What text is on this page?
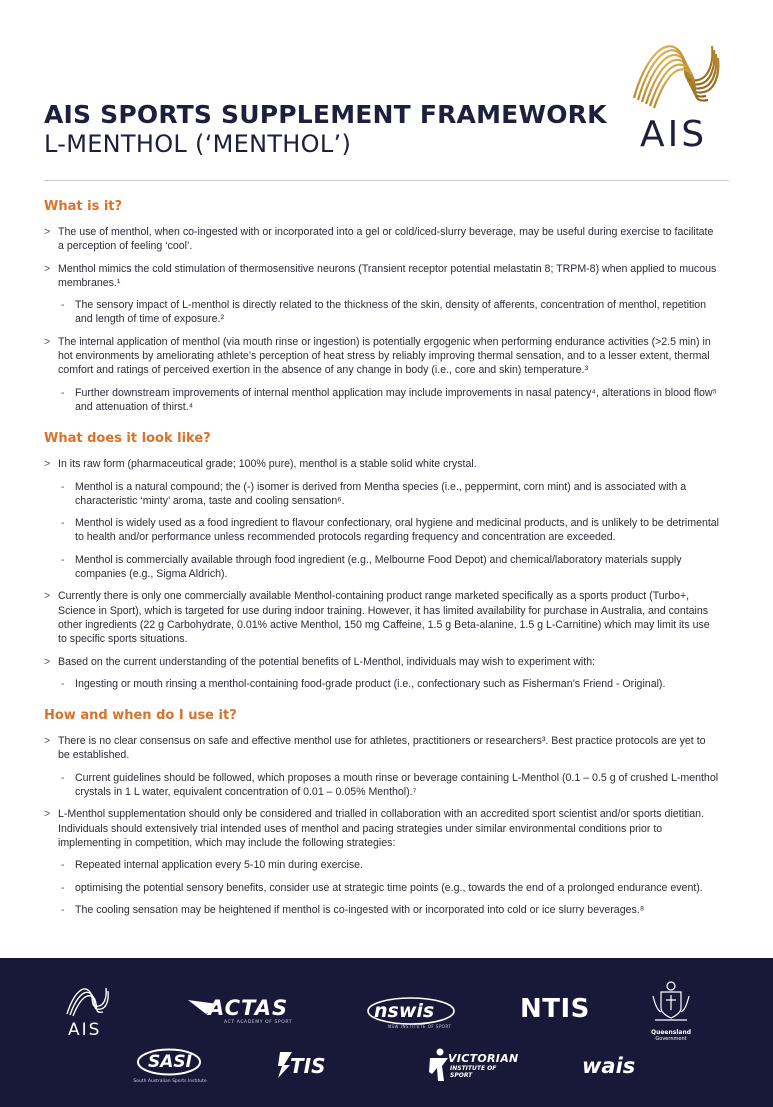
AIS SPORTS SUPPLEMENT FRAMEWORK
L-MENTHOL (‘MENTHOL’)	AIS
What is it?
> The use of menthol, when co-ingested with or incorporated into a gel or cold/iced-slurry beverage, may be useful during exercise to facilitate a perception of feeling ‘cool’.
> Menthol mimics the cold stimulation of thermosensitive neurons (Transient receptor potential melastatin 8; TRPM-8) when applied to mucous membranes.¹
- The sensory impact of L-menthol is directly related to the thickness of the skin, density of afferents, concentration of menthol, repetition and length of time of exposure.²
> The internal application of menthol (via mouth rinse or ingestion) is potentially ergogenic when performing endurance activities (>2.5 min) in hot environments by ameliorating athlete’s perception of heat stress by reliably improving thermal sensation, and to a lesser extent, thermal comfort and ratings of perceived exertion in the absence of any change in body (i.e., core and skin) temperature.³
- Further downstream improvements of internal menthol application may include improvements in nasal patency⁴, alterations in blood flow⁵ and attenuation of thirst.⁴
What does it look like?
> In its raw form (pharmaceutical grade; 100% pure), menthol is a stable solid white crystal.
- Menthol is a natural compound; the (-) isomer is derived from Mentha species (i.e., peppermint, corn mint) and is associated with a characteristic ‘minty’ aroma, taste and cooling sensation⁶.
- Menthol is widely used as a food ingredient to flavour confectionary, oral hygiene and medicinal products, and is unlikely to be detrimental to health and/or performance unless recommended protocols regarding frequency and concentration are exceeded.
- Menthol is commercially available through food ingredient (e.g., Melbourne Food Depot) and chemical/laboratory materials supply companies (e.g., Sigma Aldrich).
> Currently there is only one commercially available Menthol-containing product range marketed specifically as a sports product (Turbo+, Science in Sport), which is targeted for use during indoor training. However, it has limited availability for purchase in Australia, and contains other ingredients (22 g Carbohydrate, 0.01% active Menthol, 150 mg Caffeine, 1.5 g Beta-alanine, 1.5 g L-Carnitine) which may limit its use to specific sports situations.
> Based on the current understanding of the potential benefits of L-Menthol, individuals may wish to experiment with:
- Ingesting or mouth rinsing a menthol-containing food-grade product (i.e., confectionary such as Fisherman’s Friend - Original).
How and when do I use it?
> There is no clear consensus on safe and effective menthol use for athletes, practitioners or researchers³. Best practice protocols are yet to be established.
- Current guidelines should be followed, which proposes a mouth rinse or beverage containing L-Menthol (0.1 – 0.5 g of crushed L-menthol crystals in 1 L water, equivalent concentration of 0.01 – 0.05% Menthol).⁷
> L-Menthol supplementation should only be considered and trialled in collaboration with an accredited sport scientist and/or sports dietitian. Individuals should extensively trial intended uses of menthol and pacing strategies under similar environmental conditions prior to implementing in competition, which may include the following strategies:
- Repeated internal application every 5-10 min during exercise.
- optimising the potential sensory benefits, consider use at strategic time points (e.g., towards the end of a prolonged endurance event).
- The cooling sensation may be heightened if menthol is co-ingested with or incorporated into cold or ice slurry beverages.⁸
AIS
ACTAS
ACT ACADEMY OF SPORT
nswis
NSW INSTITUTE OF SPORT
NTIS
Queensland
Government
SASI
South Australian Sports Institute
TIS	VICTORIAN
INSTITUTE OF SPORT	wais
